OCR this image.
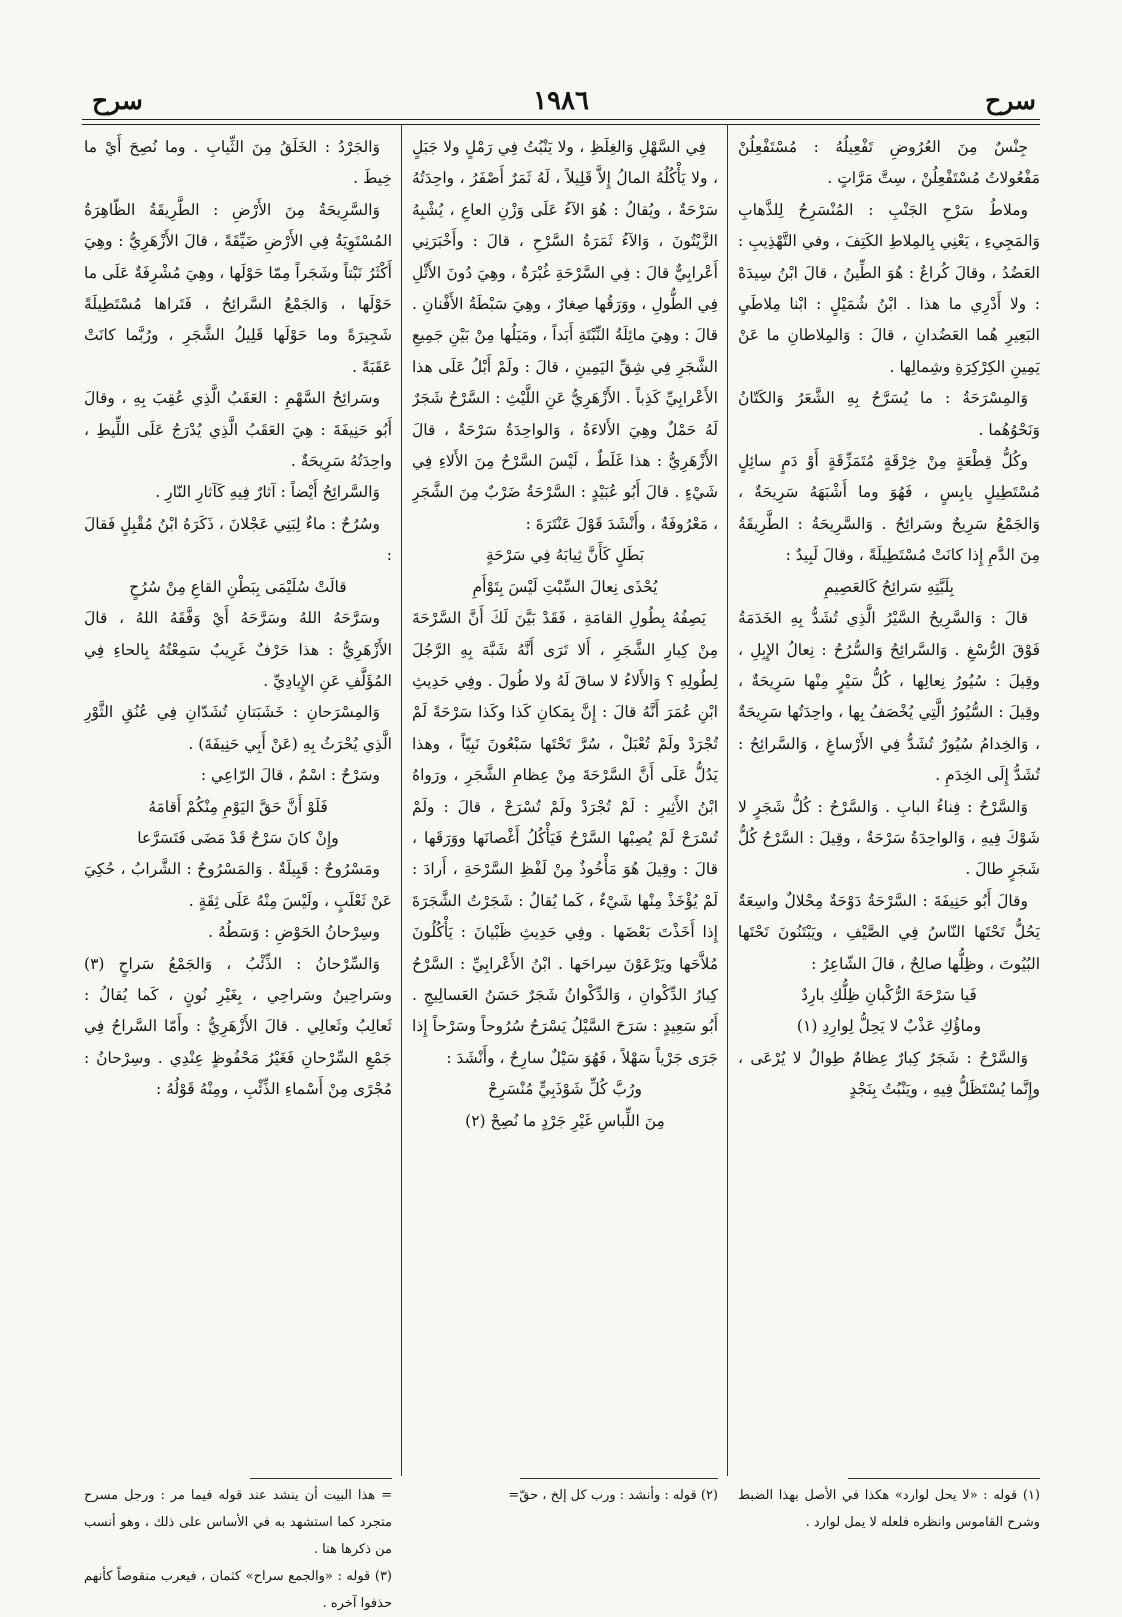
سرح
١٩٨٦
سرح

جِنْسٌ مِنَ العُرُوضِ تَفْعِيلُهُ : مُسْتَفْعِلُنْ مَفْعُولاتُ مُسْتَفْعِلُنْ ، سِتَّ مَرَّاتٍ .

وملاطُ سَرْحِ الجَنْبِ : المُنْسَرِحُ لِلذَّهابِ وَالمَجِيءِ ، يَعْنِي بِالمِلاطِ الكَتِفَ ، وفي التَّهْذِيبِ : العَضُدُ ، وقالَ كُراعٌ : هُوَ الطِّينُ ، قالَ ابْنُ سِيدَهْ : ولا أَدْرِي ما هذا . ابْنُ شُمَيْلٍ : ابْنا مِلاطَيِ البَعِيرِ هُما العَضُدانِ ، قالَ : وَالمِلاطانِ ما عَنْ يَمِينِ الكِرْكِرَةِ وشِمالِها .

وَالمِسْرَحَةُ : ما يُسَرَّحُ بِهِ الشَّعَرُ وَالكَتّانُ وَنَحْوُهُما .

وكُلُّ قِطْعَةٍ مِنْ خِرْقَةٍ مُتَمَزِّقَةٍ أَوْ دَمٍ سائِلٍ مُسْتَطِيلٍ يابِسٍ ، فَهُوَ وما أَشْبَهَهُ سَرِيحَةٌ ، وَالجَمْعُ سَرِيحٌ وسَرائِحُ . وَالسَّرِيحَةُ : الطَّرِيقَةُ مِنَ الدَّمِ إِذا كانَتْ مُسْتَطِيلَةً ، وقالَ لَبِيدٌ :

بِلَبَّتِهِ سَرائِحُ كَالعَصِيمِ

قالَ : وَالسَّرِيحُ السَّيْرُ الَّذِي تُشَدُّ بِهِ الخَدَمَةُ فَوْقَ الرُّسْغِ . وَالسَّرائِحُ وَالسُّرُحُ : نِعالُ الإِبِلِ ، وقِيلَ : سُيُورُ نِعالِها ، كُلُّ سَيْرٍ مِنْها سَرِيحَةٌ ، وقِيلَ : السُّيُورُ الَّتِي يُخْصَفُ بِها ، واحِدَتُها سَرِيحَةٌ ، وَالخِدامُ سُيُورٌ تُشَدُّ فِي الأَرْساغِ ، وَالسَّرائِحُ : تُشَدُّ إِلَى الخِدَمِ .

وَالسَّرْحُ : فِناءُ البابِ . وَالسَّرْحُ : كُلُّ شَجَرٍ لا شَوْكَ فِيهِ ، وَالواحِدَةُ سَرْحَةٌ ، وقِيلَ : السَّرْحُ كُلُّ شَجَرٍ طالَ .

وقالَ أَبُو حَنِيفَةَ : السَّرْحَةُ دَوْحَةٌ مِحْلالٌ واسِعَةٌ يَحُلُّ تَحْتَها النّاسُ فِي الصَّيْفِ ، ويَبْتَنُونَ تَحْتَها البُيُوتَ ، وظِلُّها صالِحٌ ، قالَ الشّاعِرُ :

فَيا سَرْحَةَ الرُّكْبانِ ظِلُّكِ بارِدٌ

وماؤُكِ عَذْبٌ لا يَحِلُّ لِوارِدِ (١)

وَالسَّرْحُ : شَجَرٌ كِبارٌ عِظامٌ طِوالٌ لا يُرْعَى ، وإِنَّما يُسْتَظَلُّ فِيهِ ، ويَنْبُتُ بِنَجْدٍ

فِي السَّهْلِ وَالغِلَظِ ، ولا يَنْبُتُ فِي رَمْلٍ ولا جَبَلٍ ، ولا يَأْكُلُهُ المالُ إِلاَّ قَلِيلاً ، لَهُ ثَمَرٌ أَصْفَرُ ، واحِدَتُهُ سَرْحَةٌ ، ويُقالُ : هُوَ الآءُ عَلَى وَزْنِ العاعِ ، يُشْبِهُ الزَّيْتُونَ ، وَالآءُ ثَمَرَةُ السَّرْحِ ، قالَ : وأَخْبَرَنِي أَعْرابِيٌّ قالَ : فِي السَّرْحَةِ غُبْرَةٌ ، وهِيَ دُونَ الأَثْلِ فِي الطُّولِ ، ووَرَقُها صِغارٌ ، وهِيَ سَبْطَةُ الأَفْنانِ . قالَ : وهِيَ مائِلَةُ النِّبْتَةِ أَبَداً ، ومَيَلُها مِنْ بَيْنِ جَمِيعِ الشَّجَرِ فِي شِقِّ اليَمِينِ ، قالَ : ولَمْ أَبْلُ عَلَى هذا الأَعْرابِيِّ كَذِباً . الأَزْهَرِيُّ عَنِ اللَّيْثِ : السَّرْحُ شَجَرٌ لَهُ حَمْلٌ وهِيَ الأَلاءَةُ ، وَالواحِدَةُ سَرْحَةٌ ، قالَ الأَزْهَرِيُّ : هذا غَلَطٌ ، لَيْسَ السَّرْحُ مِنَ الأَلاءِ فِي شَيْءٍ . قالَ أَبُو عُبَيْدٍ : السَّرْحَةُ ضَرْبٌ مِنَ الشَّجَرِ ، مَعْرُوفَةٌ ، وأَنْشَدَ قَوْلَ عَنْتَرَةَ :

بَطَلٍ كَأَنَّ ثِيابَهُ فِي سَرْحَةٍ

يُحْذَى نِعالَ السِّبْتِ لَيْسَ بِتَوْأَمِ

يَصِفُهُ بِطُولِ القامَةِ ، فَقَدْ بَيَّنَ لَكَ أَنَّ السَّرْحَةَ مِنْ كِبارِ الشَّجَرِ ، أَلا تَرَى أَنَّهُ شَبَّهَ بِهِ الرَّجُلَ لِطُولِهِ ؟ وَالأَلاءُ لا ساقَ لَهُ ولا طُولَ . وفِي حَدِيثِ ابْنِ عُمَرَ أَنَّهُ قالَ : إِنَّ بِمَكانِ كَذا وكَذا سَرْحَةً لَمْ تُجْرَدْ ولَمْ تُعْبَلْ ، سُرَّ تَحْتَها سَبْعُونَ نَبِيّاً ، وهذا يَدُلُّ عَلَى أَنَّ السَّرْحَةَ مِنْ عِظامِ الشَّجَرِ ، ورَواهُ ابْنُ الأَثِيرِ : لَمْ تُجْرَدْ ولَمْ تُسْرَحْ ، قالَ : ولَمْ تُسْرَحْ لَمْ يُصِبْها السَّرْحُ فَيَأْكُلُ أَغْصانَها ووَرَقَها ، قالَ : وقِيلَ هُوَ مَأْخُوذٌ مِنْ لَفْظِ السَّرْحَةِ ، أَرادَ : لَمْ يُؤْخَذْ مِنْها شَيْءٌ ، كَما يُقالُ : شَجَرْتُ الشَّجَرَةَ إِذا أَخَذْتَ بَعْضَها . وفِي حَدِيثِ ظَبْيانَ : يَأْكُلُونَ مُلاَّحَها ويَرْعَوْنَ سِراحَها . ابْنُ الأَعْرابِيِّ : السَّرْحُ كِبارُ الدِّكْوانِ ، وَالدِّكْوانُ شَجَرٌ حَسَنُ العَسالِيجِ . أَبُو سَعِيدٍ : سَرَحَ السَّيْلُ يَسْرَحُ سُرُوحاً وسَرْحاً إِذا جَرَى جَرْياً سَهْلاً ، فَهُوَ سَيْلٌ سارِحٌ ، وأَنْشَدَ :

ورُبَّ كُلِّ شَوْذَبِيٍّ مُنْسَرِحْ

مِنَ اللِّباسِ غَيْرِ جَرْدٍ ما نُصِحْ (٢)

وَالجَرْدُ : الخَلَقُ مِنَ الثِّيابِ . وما نُصِحَ أَيْ ما خِيطَ .

وَالسَّرِيحَةُ مِنَ الأَرْضِ : الطَّرِيقَةُ الظّاهِرَةُ المُسْتَوِيَةُ فِي الأَرْضِ ضَيِّقَةً ، قالَ الأَزْهَرِيُّ : وهِيَ أَكْثَرُ نَبْتاً وشَجَراً مِمّا حَوْلَها ، وهِيَ مُشْرِفَةٌ عَلَى ما حَوْلَها ، وَالجَمْعُ السَّرائِحُ ، فَتَراها مُسْتَطِيلَةً شَجِيرَةً وما حَوْلَها قَلِيلُ الشَّجَرِ ، ورُبَّما كانَتْ عَقَبَةً .

وسَرائِحُ السَّهْمِ : العَقَبُ الَّذِي عُقِبَ بِهِ ، وقالَ أَبُو حَنِيفَةَ : هِيَ العَقَبُ الَّذِي يُدْرَجُ عَلَى اللِّيطِ ، واحِدَتُهُ سَرِيحَةٌ .

وَالسَّرائِحُ أَيْضاً : آثارٌ فِيهِ كَآثارِ النّارِ .

وسُرُحٌ : ماءٌ لِبَنِي عَجْلانَ ، ذَكَرَهُ ابْنُ مُقْبِلٍ فَقالَ :

قالَتْ سُلَيْمَى بِبَطْنِ القاعِ مِنْ سُرُحٍ

وسَرَّحَهُ اللهُ وسَرَّحَهُ أَيْ وَفَّقَهُ اللهُ ، قالَ الأَزْهَرِيُّ : هذا حَرْفٌ غَرِيبٌ سَمِعْتُهُ بِالحاءِ فِي المُؤَلَّفِ عَنِ الإِيادِيِّ .

وَالمِسْرَحانِ : خَشَبَتانِ تُشَدّانِ فِي عُنُقِ الثَّوْرِ الَّذِي يُحْرَثُ بِهِ (عَنْ أَبِي حَنِيفَةَ) .

وسَرْحٌ : اسْمٌ ، قالَ الرّاعِي :

فَلَوْ أَنَّ حَقَّ اليَوْمِ مِنْكُمْ أَقامَهُ

وإِنْ كانَ سَرْحٌ قَدْ مَضَى فَتَسَرَّعا

ومَسْرُوحٌ : قَبِيلَةٌ . وَالمَسْرُوحُ : الشَّرابُ ، حُكِيَ عَنْ ثَعْلَبٍ ، ولَيْسَ مِنْهُ عَلَى ثِقَةٍ .

وسِرْحانُ الحَوْضِ : وَسَطُهُ .

وَالسِّرْحانُ : الذِّئْبُ ، وَالجَمْعُ سَراحٍ (٣) وسَراحِينُ وسَراحِي ، بِغَيْرِ نُونٍ ، كَما يُقالُ : ثَعالِبُ وثَعالِي . قالَ الأَزْهَرِيُّ : وأَمّا السَّراحُ فِي جَمْعِ السِّرْحانِ فَغَيْرُ مَحْفُوظٍ عِنْدِي . وسِرْحانُ : مُجْرًى مِنْ أَسْماءِ الذِّئْبِ ، ومِنْهُ قَوْلُهُ :

(١) قوله : «لا يحل لوارد» هكذا في الأصل بهذا الضبط وشرح القاموس وانظره فلعله لا يمل لوارد .

(٢) قوله : وأنشد : ورب كل إلخ ، حقّ=

= هذا البيت أن ينشد عند قوله فيما مر : ورجل مسرح متجرد كما استشهد به في الأساس على ذلك ، وهو أنسب من ذكرها هنا .

(٣) قوله : «والجمع سراح» كثمان ، فيعرب منقوصاً كأنهم حذفوا آخره .
